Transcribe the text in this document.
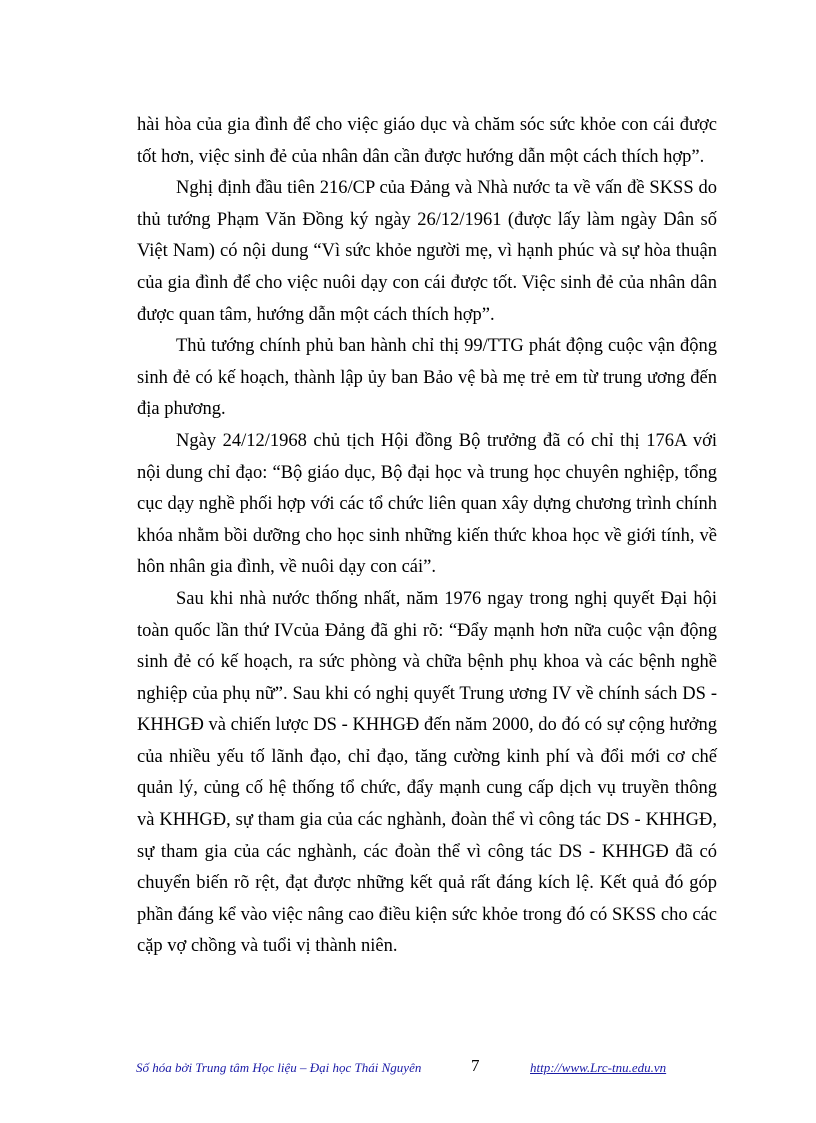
hài hòa của gia đình để cho việc giáo dục và chăm sóc sức khỏe con cái được tốt hơn, việc sinh đẻ của nhân dân cần được hướng dẫn một cách thích hợp”.

Nghị định đầu tiên 216/CP của Đảng và Nhà nước ta về vấn đề SKSS do thủ tướng Phạm Văn Đồng ký ngày 26/12/1961 (được lấy làm ngày Dân số Việt Nam) có nội dung “Vì sức khỏe người mẹ, vì hạnh phúc và sự hòa thuận của gia đình để cho việc nuôi dạy con cái được tốt. Việc sinh đẻ của nhân dân được quan tâm, hướng dẫn một cách thích hợp”.

Thủ tướng chính phủ ban hành chỉ thị 99/TTG phát động cuộc vận động sinh đẻ có kế hoạch, thành lập ủy ban Bảo vệ bà mẹ trẻ em từ trung ương đến địa phương.

Ngày 24/12/1968 chủ tịch Hội đồng Bộ trưởng đã có chỉ thị 176A với nội dung chỉ đạo: “Bộ giáo dục, Bộ đại học và trung học chuyên nghiệp, tổng cục dạy nghề phối hợp với các tổ chức liên quan xây dựng chương trình chính khóa nhằm bồi dưỡng cho học sinh những kiến thức khoa học về giới tính, về hôn nhân gia đình, về nuôi dạy con cái”.

Sau khi nhà nước thống nhất, năm 1976 ngay trong nghị quyết Đại hội toàn quốc lần thứ IVcủa Đảng đã ghi rõ: “Đẩy mạnh hơn nữa cuộc vận động sinh đẻ có kế hoạch, ra sức phòng và chữa bệnh phụ khoa và các bệnh nghề nghiệp của phụ nữ”. Sau khi có nghị quyết Trung ương IV về chính sách DS - KHHGĐ và chiến lược DS - KHHGĐ đến năm 2000, do đó có sự cộng hưởng của nhiều yếu tố lãnh đạo, chỉ đạo, tăng cường kinh phí và đổi mới cơ chế quản lý, củng cố hệ thống tổ chức, đẩy mạnh cung cấp dịch vụ truyền thông và KHHGĐ, sự tham gia của các nghành, đoàn thể vì công tác DS - KHHGĐ, sự tham gia của các nghành, các đoàn thể vì công tác DS - KHHGĐ đã có chuyển biến rõ rệt, đạt được những kết quả rất đáng kích lệ. Kết quả đó góp phần đáng kể vào việc nâng cao điều kiện sức khỏe trong đó có SKSS cho các cặp vợ chồng và tuổi vị thành niên.

Số hóa bởi Trung tâm Học liệu – Đại học Thái Nguyên	7	http://www.Lrc-tnu.edu.vn
